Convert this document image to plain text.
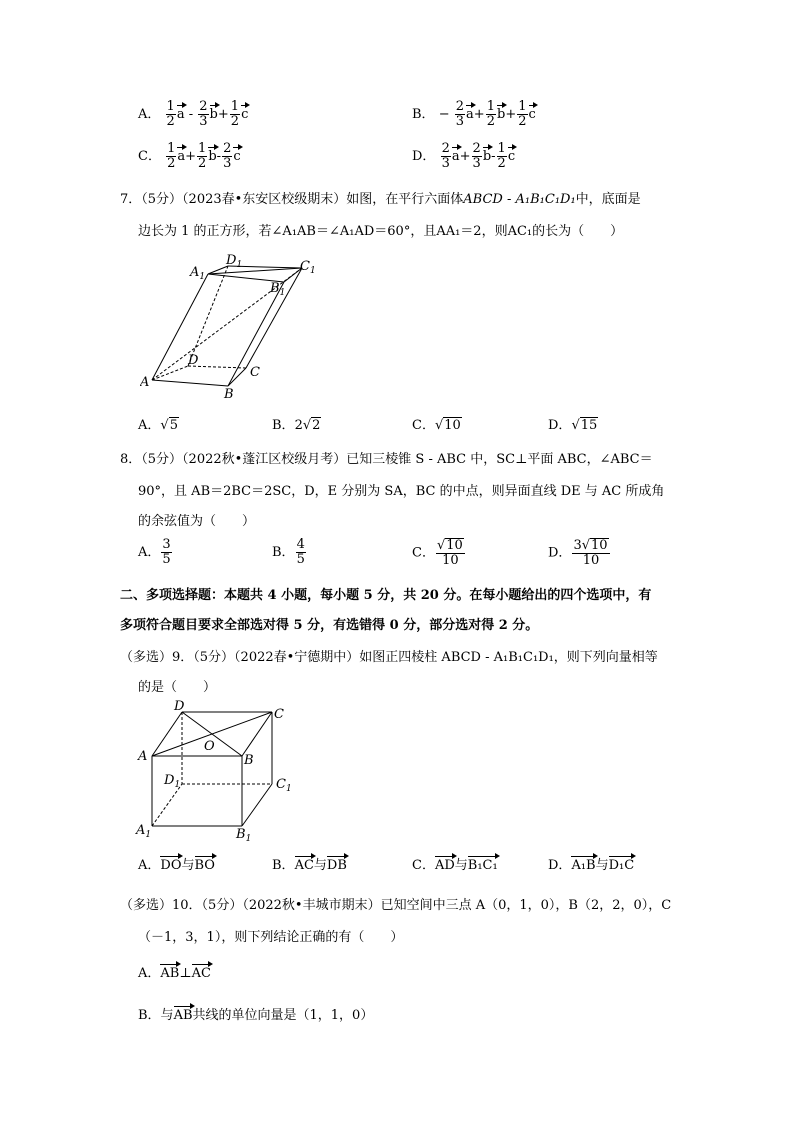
A． $\frac{1}{2}$ $a - \frac{2}{3} b+ \frac{1}{2}$ c	B． − $\frac{2}{3} a+ \frac{1}{2} b+ \frac{1}{2}$ c
C． $\frac{1}{2} a+ \frac{1}{2} b- \frac{2}{3}$ c	D． $\frac{2}{3} a+ \frac{2}{3} b- \frac{1}{2}$ c
7．（5分）（2023春•东安区校级期末）如图，在平行六面体ABCD - A₁B₁C₁D₁中，底面是
边长为 1 的正方形，若∠A₁AB＝∠A₁AD＝60°，且AA₁＝2，则AC₁的长为（　　）
$A_1$
$D_1$	$C_1$
$B_1$
A
D
B
C
A．√ 5	B．2√ 2	C．√ 10	D．√ 15
8．（5分）（2022秋•蓬江区校级月考）已知三棱锥 S - ABC 中，SC⊥平面 ABC，∠ABC＝
90°，且 AB＝2BC＝2SC，D，E 分别为 SA，BC 的中点，则异面直线 DE 与 AC 所成角
的余弦值为（　　）
A． $\frac{3}{5}$	B． $\frac{4}{5}$	C． $\frac{√ 10}{10}$	D． $\frac{3√ 10}{10}$
二、多项选择题：本题共 4 小题，每小题 5 分，共 20 分。在每小题给出的四个选项中，有
多项符合题目要求全部选对得 5 分，有选错得 0 分，部分选对得 2 分。
（多选）9．（5分）（2022春•宁德期中）如图正四棱柱 ABCD - A₁B₁C₁D₁，则下列向量相等
的是（　　）
D
C
A
O
B
$D_1$	$C_1$
$A_1$	$B_1$
A．DO与BO	B．AC与DB	C．AD与B₁C₁	D．A₁B与D₁C
（多选）10．（5分）（2022秋•丰城市期末）已知空间中三点 A（0，1，0），B（2，2，0），C
（－1，3，1），则下列结论正确的有（　　）
A．AB⊥AC
B．与AB共线的单位向量是（1，1，0）
